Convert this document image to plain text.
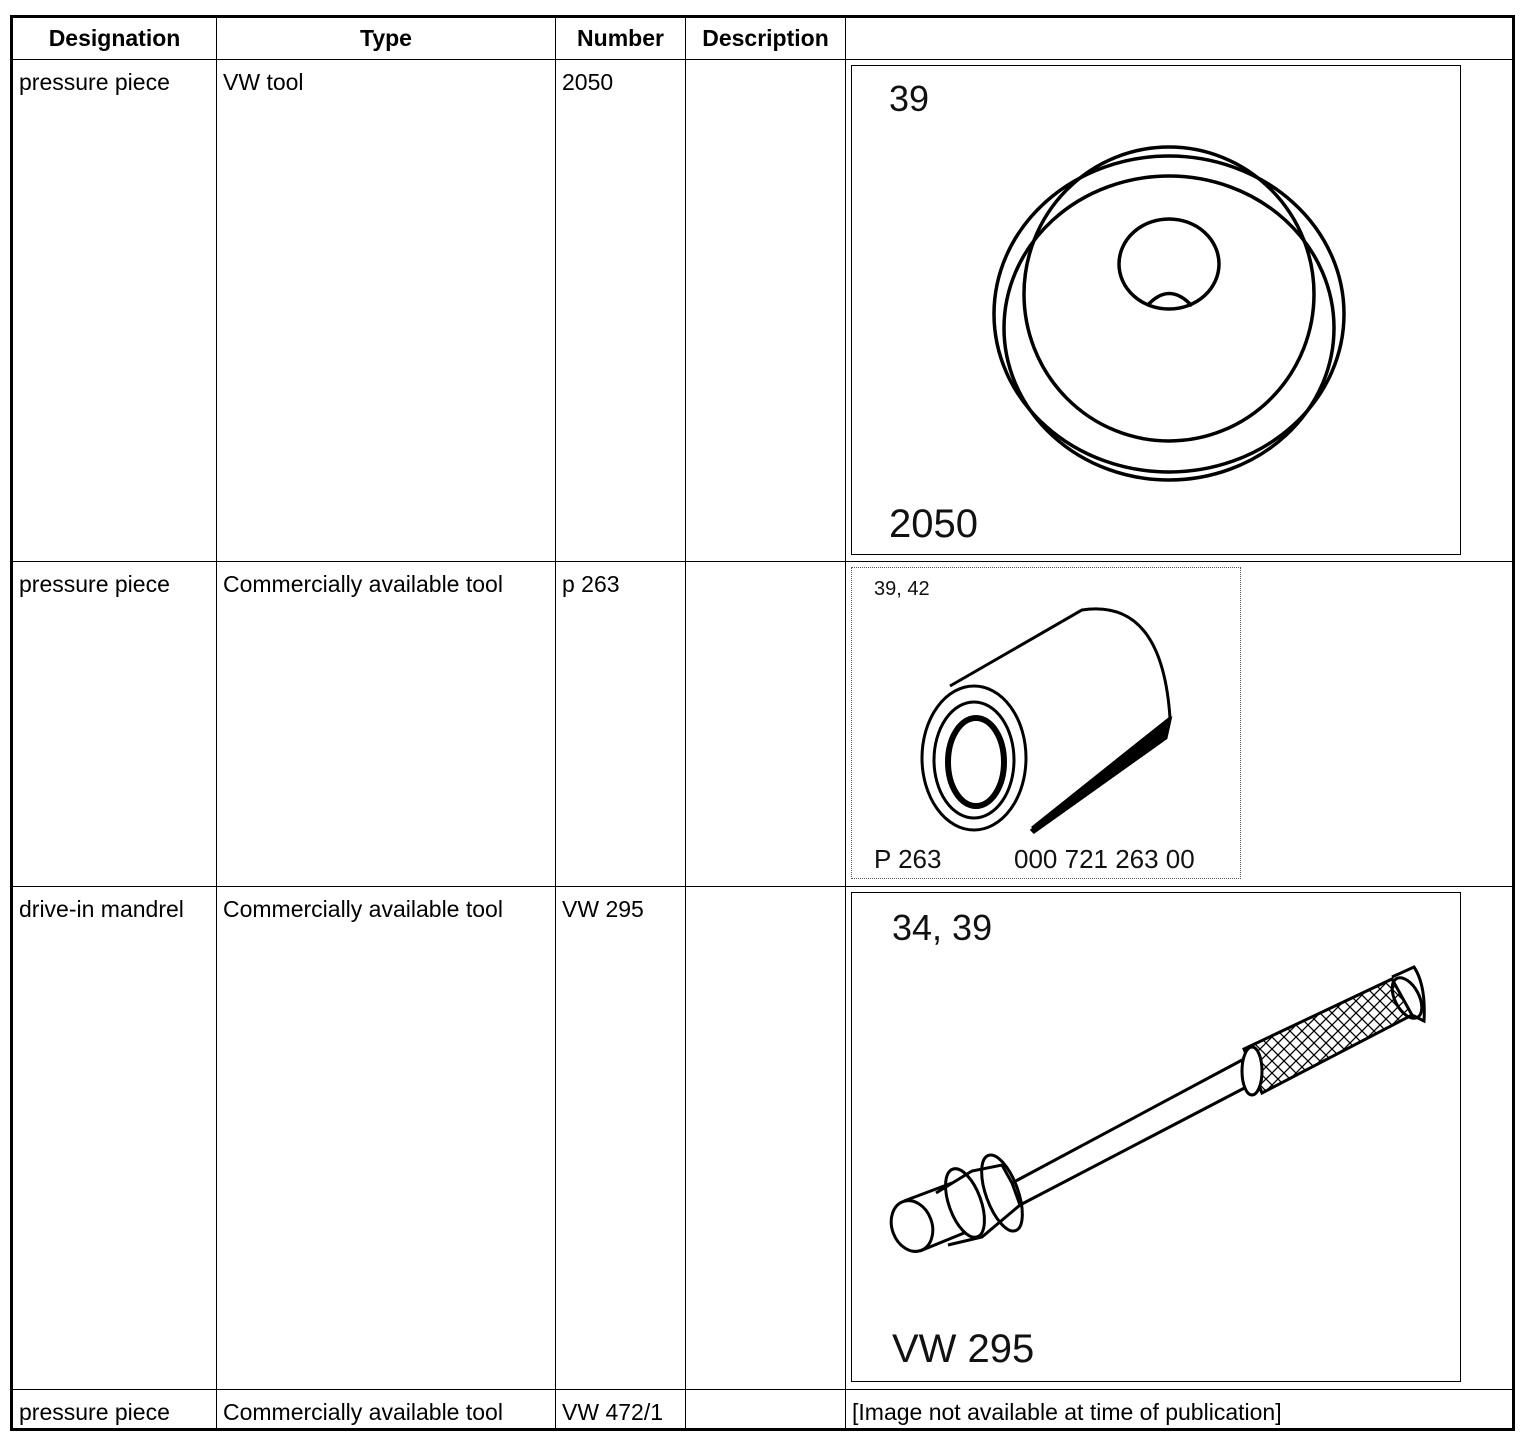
Designation	Type	Number	Description	
pressure piece	VW tool	2050		39
2050

pressure piece	Commercially available tool	p 263		39, 42
P 263 000 721 263 00

drive-in mandrel	Commercially available tool	VW 295		34, 39
VW 295

pressure piece	Commercially available tool	VW 472/1		[Image not available at time of publication]
